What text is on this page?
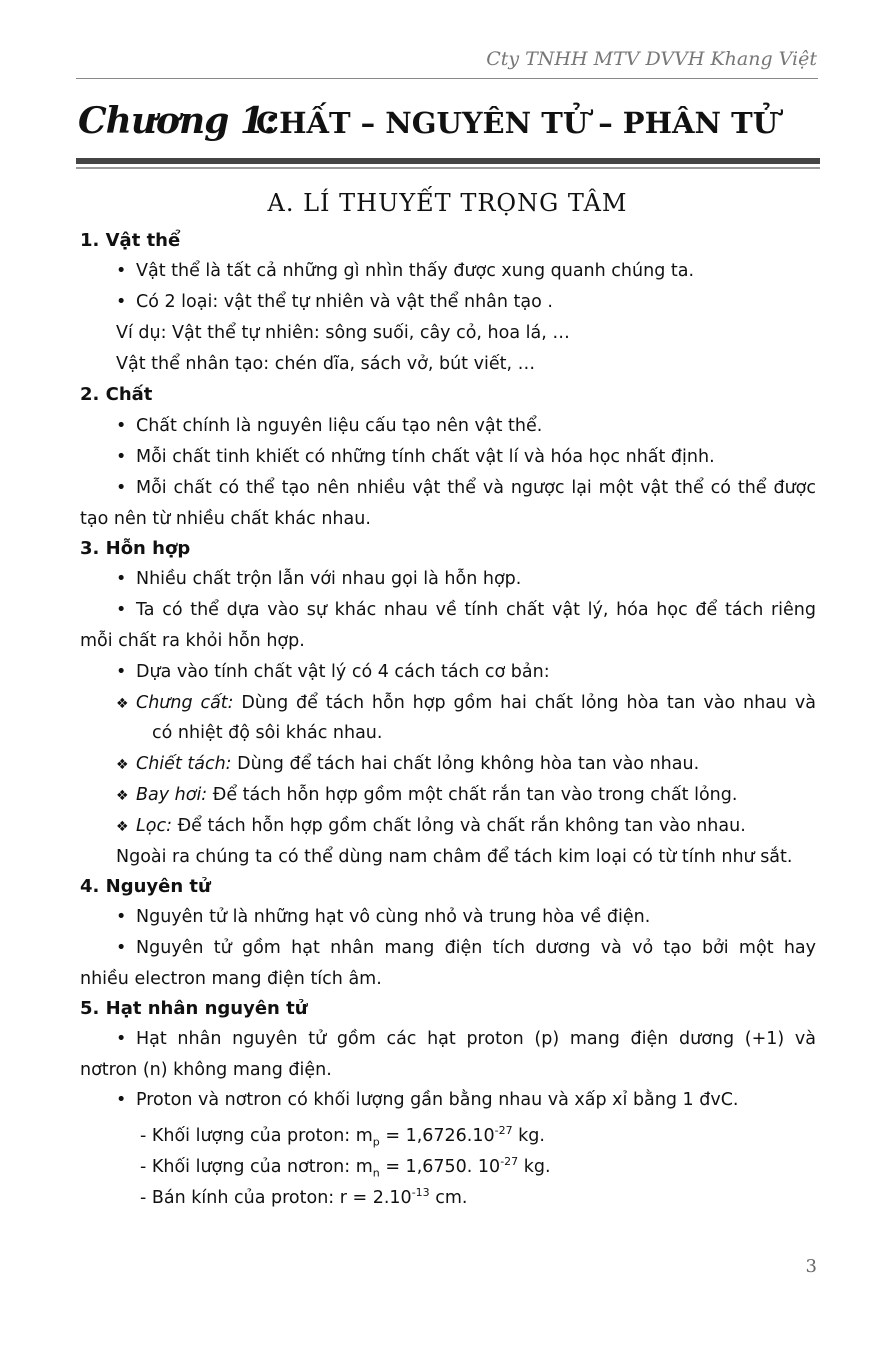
Cty TNHH MTV DVVH Khang Việt
Chương 1:
CHẤT – NGUYÊN TỬ – PHÂN TỬ
A. LÍ THUYẾT TRỌNG TÂM
1. Vật thể
• Vật thể là tất cả những gì nhìn thấy được xung quanh chúng ta.
• Có 2 loại: vật thể tự nhiên và vật thể nhân tạo .
Ví dụ: Vật thể tự nhiên: sông suối, cây cỏ, hoa lá, …
Vật thể nhân tạo: chén dĩa, sách vở, bút viết, …
2. Chất
• Chất chính là nguyên liệu cấu tạo nên vật thể.
• Mỗi chất tinh khiết có những tính chất vật lí và hóa học nhất định.
• Mỗi chất có thể tạo nên nhiều vật thể và ngược lại một vật thể có thể được
tạo nên từ nhiều chất khác nhau.
3. Hỗn hợp
• Nhiều chất trộn lẫn với nhau gọi là hỗn hợp.
• Ta có thể dựa vào sự khác nhau về tính chất vật lý, hóa học để tách riêng
mỗi chất ra khỏi hỗn hợp.
• Dựa vào tính chất vật lý có 4 cách tách cơ bản:
❖ Chưng cất: Dùng để tách hỗn hợp gồm hai chất lỏng hòa tan vào nhau và
có nhiệt độ sôi khác nhau.
❖ Chiết tách: Dùng để tách hai chất lỏng không hòa tan vào nhau.
❖ Bay hơi: Để tách hỗn hợp gồm một chất rắn tan vào trong chất lỏng.
❖ Lọc: Để tách hỗn hợp gồm chất lỏng và chất rắn không tan vào nhau.
Ngoài ra chúng ta có thể dùng nam châm để tách kim loại có từ tính như sắt.
4. Nguyên tử
• Nguyên tử là những hạt vô cùng nhỏ và trung hòa về điện.
• Nguyên tử gồm hạt nhân mang điện tích dương và vỏ tạo bởi một hay
nhiều electron mang điện tích âm.
5. Hạt nhân nguyên tử
• Hạt nhân nguyên tử gồm các hạt proton (p) mang điện dương (+1) và
nơtron (n) không mang điện.
• Proton và nơtron có khối lượng gần bằng nhau và xấp xỉ bằng 1 đvC.
- Khối lượng của proton: $m_p = 1,6726.10^{-27}$ kg.
- Khối lượng của nơtron: $m_n = 1,6750$. $10^{-27}$ kg.
- Bán kính của proton: $r = 2.10^{-13}$ cm.
3
